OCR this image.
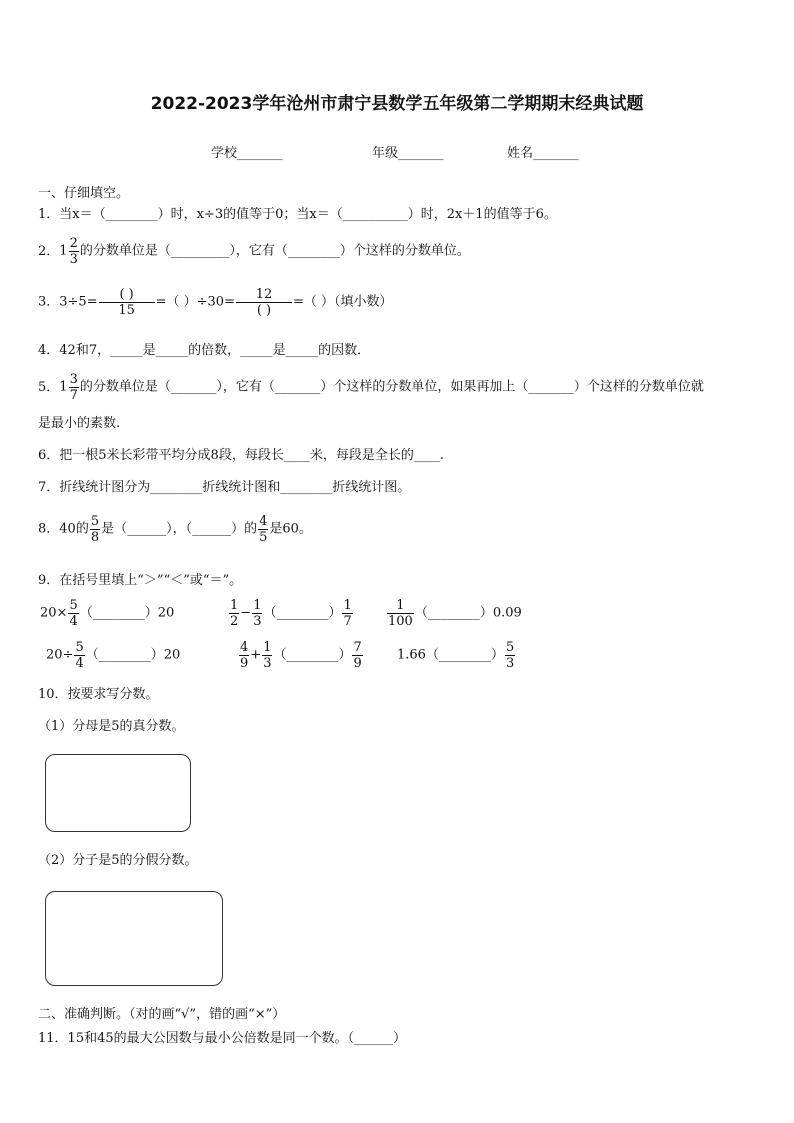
2022-2023学年沧州市肃宁县数学五年级第二学期期末经典试题
学校_______	年级_______	姓名_______
一、仔细填空。
1．当x＝（________）时，x÷3的值等于0；当x＝（__________）时，2x＋1的值等于6。
2．$1 \frac{2}{3}$ 的分数单位是（_________），它有（________）个这样的分数单位。
3．$3\div 5= \frac{( )}{15}$ =（ ）$\div 30= \frac{12}{( )}$ =（ ）（填小数）
4．42和7，_____是_____的倍数，_____是_____的因数．
5．$1 \frac{3}{7}$ 的分数单位是（_______），它有（_______）个这样的分数单位，如果再加上（_______）个这样的分数单位就
是最小的素数.
6．把一根5米长彩带平均分成8段，每段长____米，每段是全长的____.
7．折线统计图分为________折线统计图和________折线统计图。
8．40的 $\frac{5}{8}$ 是（______），（______）的 $\frac{4}{5}$ 是60。
9．在括号里填上“＞”“＜”或“＝”。
$20\times \frac{5}{4}$ （________）20	$\frac{1}{2} - \frac{1}{3}$ （________） $\frac{1}{7}$	$\frac{1}{100}$ （________）0.09
$20\div \frac{5}{4}$ （________）20	$\frac{4}{9} + \frac{1}{3}$ （________） $\frac{7}{9}$	1.66（________） $\frac{5}{3}$
10．按要求写分数。
（1）分母是5的真分数。
（2）分子是5的分假分数。
二、准确判断。（对的画“√”，错的画“×”）
11．15和45的最大公因数与最小公倍数是同一个数。（______）
